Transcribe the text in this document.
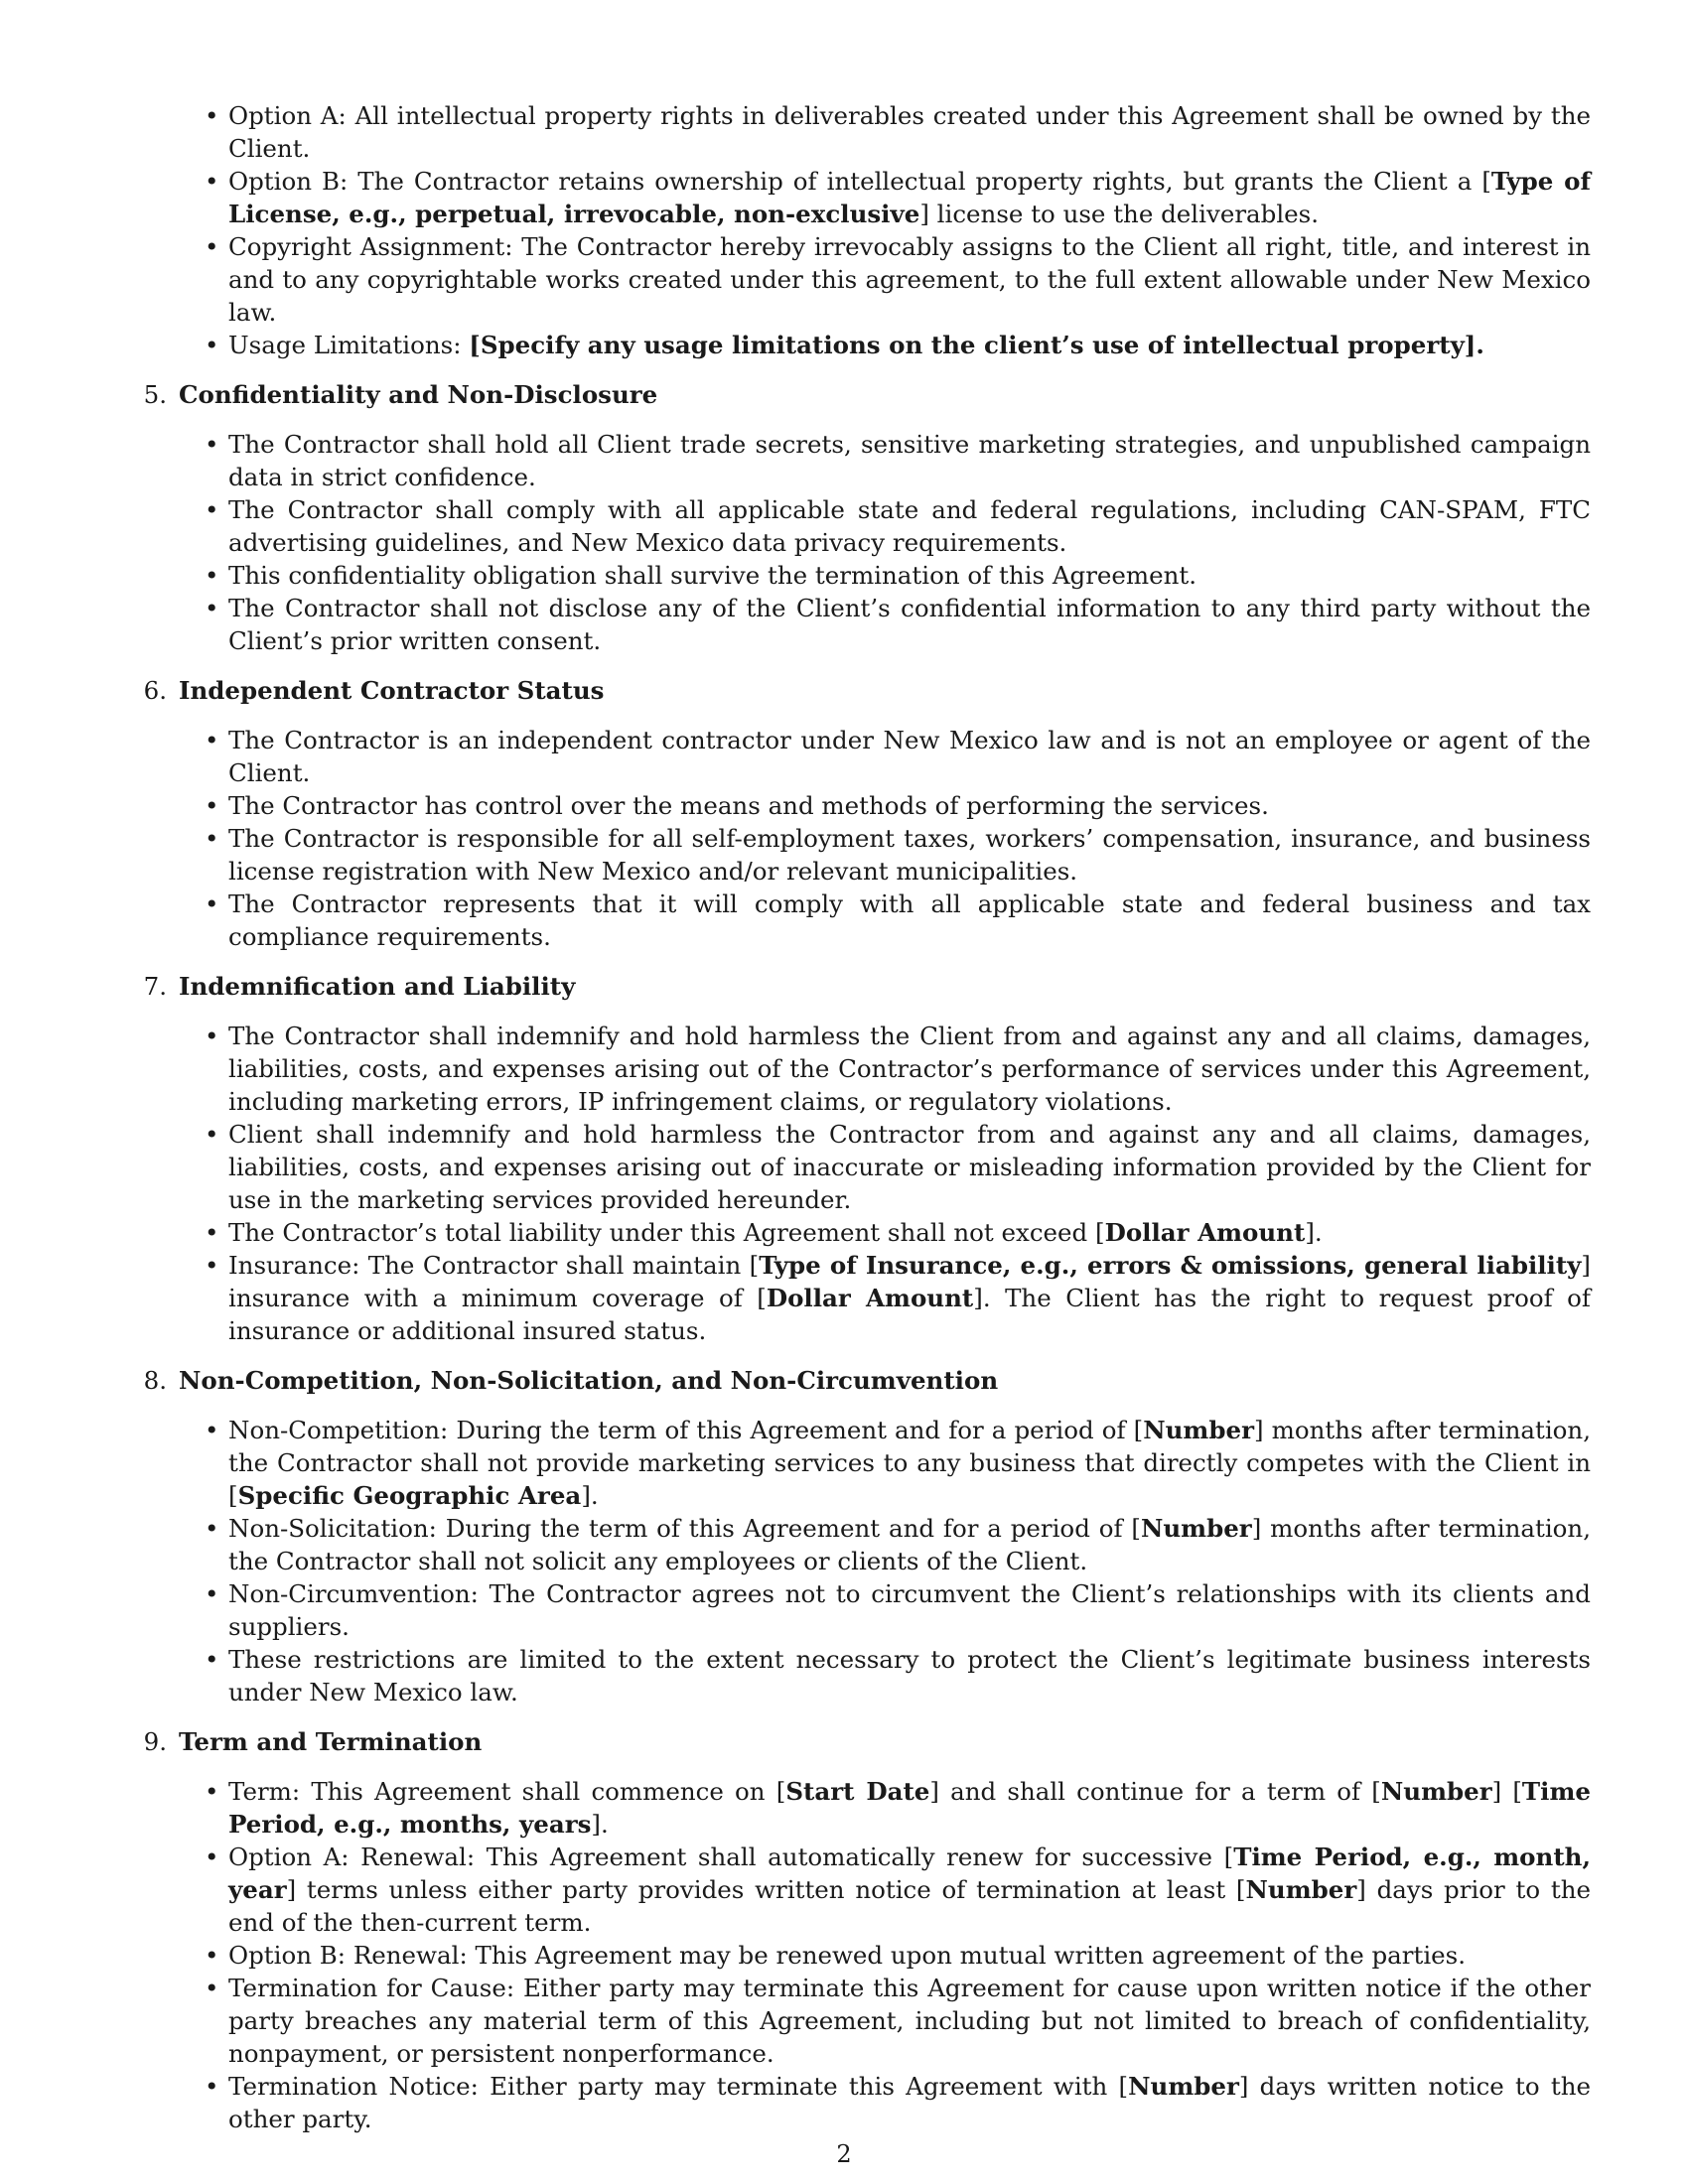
• Option A: All intellectual property rights in deliverables created under this Agreement shall be owned by the Client.
• Option B: The Contractor retains ownership of intellectual property rights, but grants the Client a [Type of License, e.g., perpetual, irrevocable, non-exclusive] license to use the deliverables.
• Copyright Assignment: The Contractor hereby irrevocably assigns to the Client all right, title, and interest in and to any copyrightable works created under this agreement, to the full extent allowable under New Mexico law.
• Usage Limitations: [Specify any usage limitations on the client’s use of intellectual property].
5. Confidentiality and Non-Disclosure
• The Contractor shall hold all Client trade secrets, sensitive marketing strategies, and unpublished campaign data in strict confidence.
• The Contractor shall comply with all applicable state and federal regulations, including CAN-SPAM, FTC advertising guidelines, and New Mexico data privacy requirements.
• This confidentiality obligation shall survive the termination of this Agreement.
• The Contractor shall not disclose any of the Client’s confidential information to any third party without the Client’s prior written consent.
6. Independent Contractor Status
• The Contractor is an independent contractor under New Mexico law and is not an employee or agent of the Client.
• The Contractor has control over the means and methods of performing the services.
• The Contractor is responsible for all self-employment taxes, workers’ compensation, insurance, and business license registration with New Mexico and/or relevant municipalities.
• The Contractor represents that it will comply with all applicable state and federal business and tax compliance requirements.
7. Indemnification and Liability
• The Contractor shall indemnify and hold harmless the Client from and against any and all claims, damages, liabilities, costs, and expenses arising out of the Contractor’s performance of services under this Agreement, including marketing errors, IP infringement claims, or regulatory violations.
• Client shall indemnify and hold harmless the Contractor from and against any and all claims, damages, liabilities, costs, and expenses arising out of inaccurate or misleading information provided by the Client for use in the marketing services provided hereunder.
• The Contractor’s total liability under this Agreement shall not exceed [Dollar Amount].
• Insurance: The Contractor shall maintain [Type of Insurance, e.g., errors & omissions, general liability] insurance with a minimum coverage of [Dollar Amount]. The Client has the right to request proof of insurance or additional insured status.
8. Non-Competition, Non-Solicitation, and Non-Circumvention
• Non-Competition: During the term of this Agreement and for a period of [Number] months after termination, the Contractor shall not provide marketing services to any business that directly competes with the Client in [Specific Geographic Area].
• Non-Solicitation: During the term of this Agreement and for a period of [Number] months after termination, the Contractor shall not solicit any employees or clients of the Client.
• Non-Circumvention: The Contractor agrees not to circumvent the Client’s relationships with its clients and suppliers.
• These restrictions are limited to the extent necessary to protect the Client’s legitimate business interests under New Mexico law.
9. Term and Termination
• Term: This Agreement shall commence on [Start Date] and shall continue for a term of [Number] [Time Period, e.g., months, years].
• Option A: Renewal: This Agreement shall automatically renew for successive [Time Period, e.g., month, year] terms unless either party provides written notice of termination at least [Number] days prior to the end of the then-current term.
• Option B: Renewal: This Agreement may be renewed upon mutual written agreement of the parties.
• Termination for Cause: Either party may terminate this Agreement for cause upon written notice if the other party breaches any material term of this Agreement, including but not limited to breach of confidentiality, nonpayment, or persistent nonperformance.
• Termination Notice: Either party may terminate this Agreement with [Number] days written notice to the other party.
2
